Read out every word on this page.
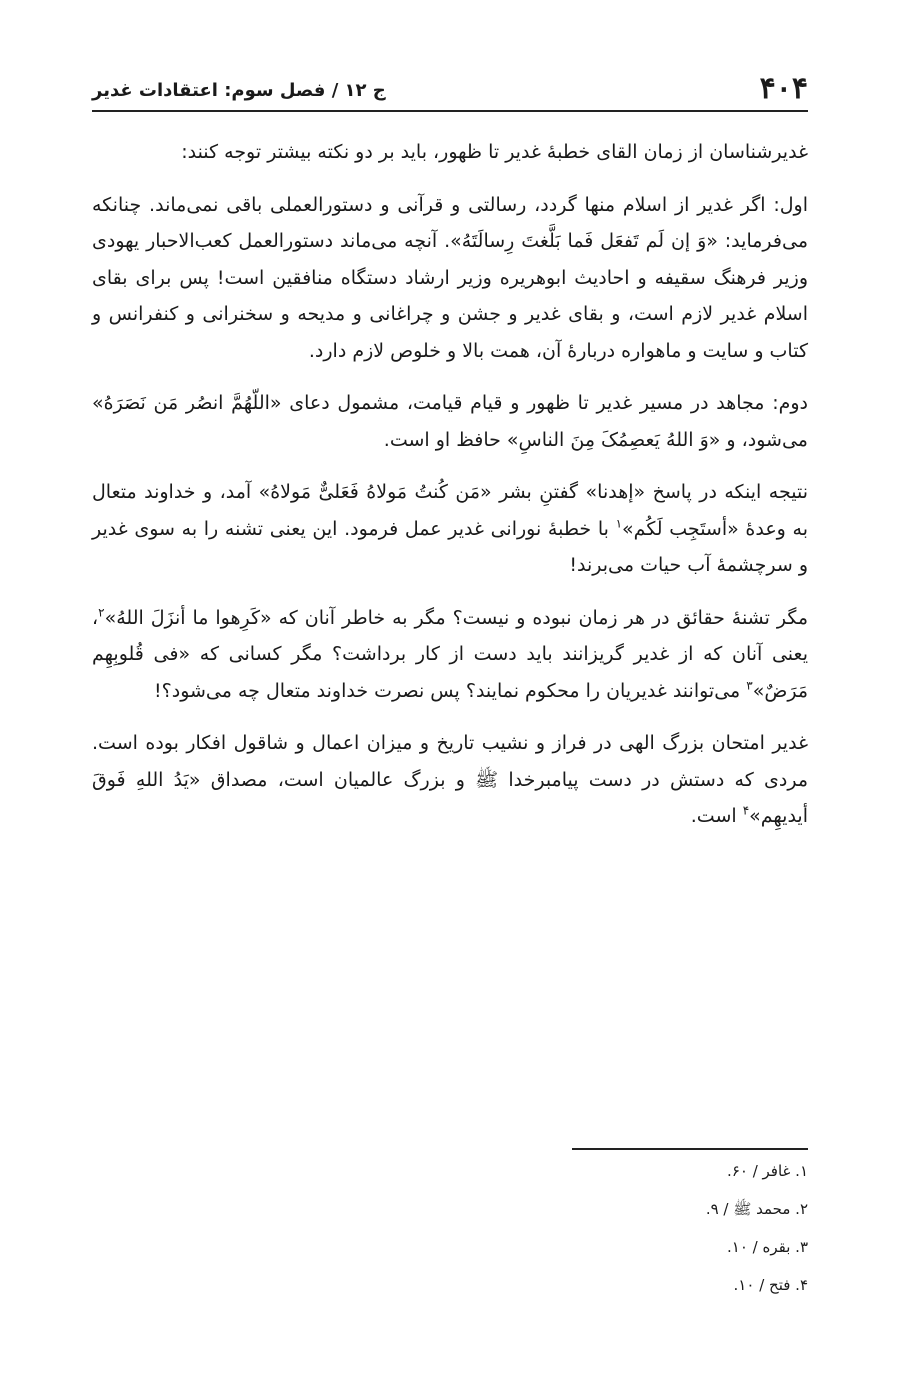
۴۰۴
ج ۱۲ / فصل سوم: اعتقادات غدیر

غدیرشناسان از زمان القای خطبهٔ غدیر تا ظهور، باید بر دو نکته بیشتر توجه کنند:

اول: اگر غدیر از اسلام منها گردد، رسالتی و قرآنی و دستورالعملی باقی نمی‌ماند. چنانکه می‌فرماید: «وَ إن لَم تَفعَل فَما بَلَّغتَ رِسالَتَهُ». آنچه می‌ماند دستورالعمل کعب‌الاحبار یهودی وزیر فرهنگ سقیفه و احادیث ابوهریره وزیر ارشاد دستگاه منافقین است! پس برای بقای اسلام غدیر لازم است، و بقای غدیر و جشن و چراغانی و مدیحه و سخنرانی و کنفرانس و کتاب و سایت و ماهواره دربارهٔ آن، همت بالا و خلوص لازم دارد.

دوم: مجاهد در مسیر غدیر تا ظهور و قیام قیامت، مشمول دعای «اللّهُمَّ انصُر مَن نَصَرَهُ» می‌شود، و «وَ اللهُ یَعصِمُکَ مِنَ الناسِ» حافظ او است.

نتیجه اینکه در پاسخ «إهدنا» گفتنِ بشر «مَن کُنتُ مَولاهُ فَعَلیٌّ مَولاهُ» آمد، و خداوند متعال به وعدهٔ «أستَجِب لَکُم»$^۱$ با خطبهٔ نورانی غدیر عمل فرمود. این یعنی تشنه را به سوی غدیر و سرچشمهٔ آب حیات می‌برند!

مگر تشنهٔ حقائق در هر زمان نبوده و نیست؟ مگر به خاطر آنان که «کَرِهوا ما أنزَلَ اللهُ»$^۲$، یعنی آنان که از غدیر گریزانند باید دست از کار برداشت؟ مگر کسانی که «فی قُلوبِهِم مَرَضٌ»$^۳$ می‌توانند غدیریان را محکوم نمایند؟ پس نصرت خداوند متعال چه می‌شود؟!

غدیر امتحان بزرگ الهی در فراز و نشیب تاریخ و میزان اعمال و شاقول افکار بوده است. مردی که دستش در دست پیامبرخدا ﷺ و بزرگ عالمیان است، مصداق «یَدُ اللهِ فَوقَ أیدیهِم»$^۴$ است.

۱. غافر / ۶۰.
۲. محمد ﷺ / ۹.
۳. بقره / ۱۰.
۴. فتح / ۱۰.
